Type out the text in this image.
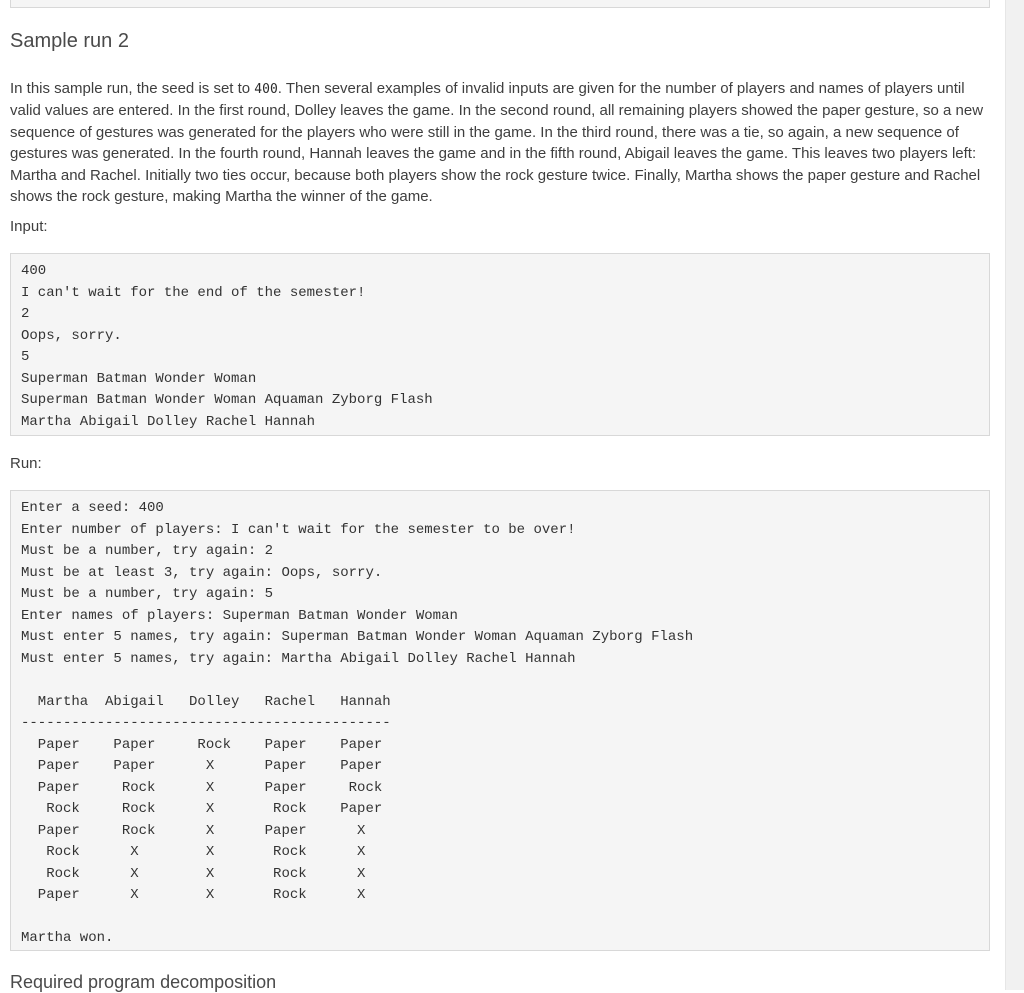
Sample run 2

In this sample run, the seed is set to 400. Then several examples of invalid inputs are given for the number of players and names of players until valid values are entered. In the first round, Dolley leaves the game. In the second round, all remaining players showed the paper gesture, so a new sequence of gestures was generated for the players who were still in the game. In the third round, there was a tie, so again, a new sequence of gestures was generated. In the fourth round, Hannah leaves the game and in the fifth round, Abigail leaves the game. This leaves two players left: Martha and Rachel. Initially two ties occur, because both players show the rock gesture twice. Finally, Martha shows the paper gesture and Rachel shows the rock gesture, making Martha the winner of the game.

Input:

400
I can't wait for the end of the semester!
2
Oops, sorry.
5
Superman Batman Wonder Woman
Superman Batman Wonder Woman Aquaman Zyborg Flash
Martha Abigail Dolley Rachel Hannah

Run:

Enter a seed: 400
Enter number of players: I can't wait for the semester to be over!
Must be a number, try again: 2
Must be at least 3, try again: Oops, sorry.
Must be a number, try again: 5
Enter names of players: Superman Batman Wonder Woman
Must enter 5 names, try again: Superman Batman Wonder Woman Aquaman Zyborg Flash
Must enter 5 names, try again: Martha Abigail Dolley Rachel Hannah
Martha  Abigail   Dolley   Rachel   Hannah
--------------------------------------------
Paper    Paper     Rock    Paper    Paper
Paper    Paper      X      Paper    Paper
Paper     Rock      X      Paper     Rock
Rock     Rock      X       Rock    Paper
Paper     Rock      X      Paper      X
Rock      X        X       Rock      X
Rock      X        X       Rock      X
Paper      X        X       Rock      X
Martha won.
Required program decomposition
